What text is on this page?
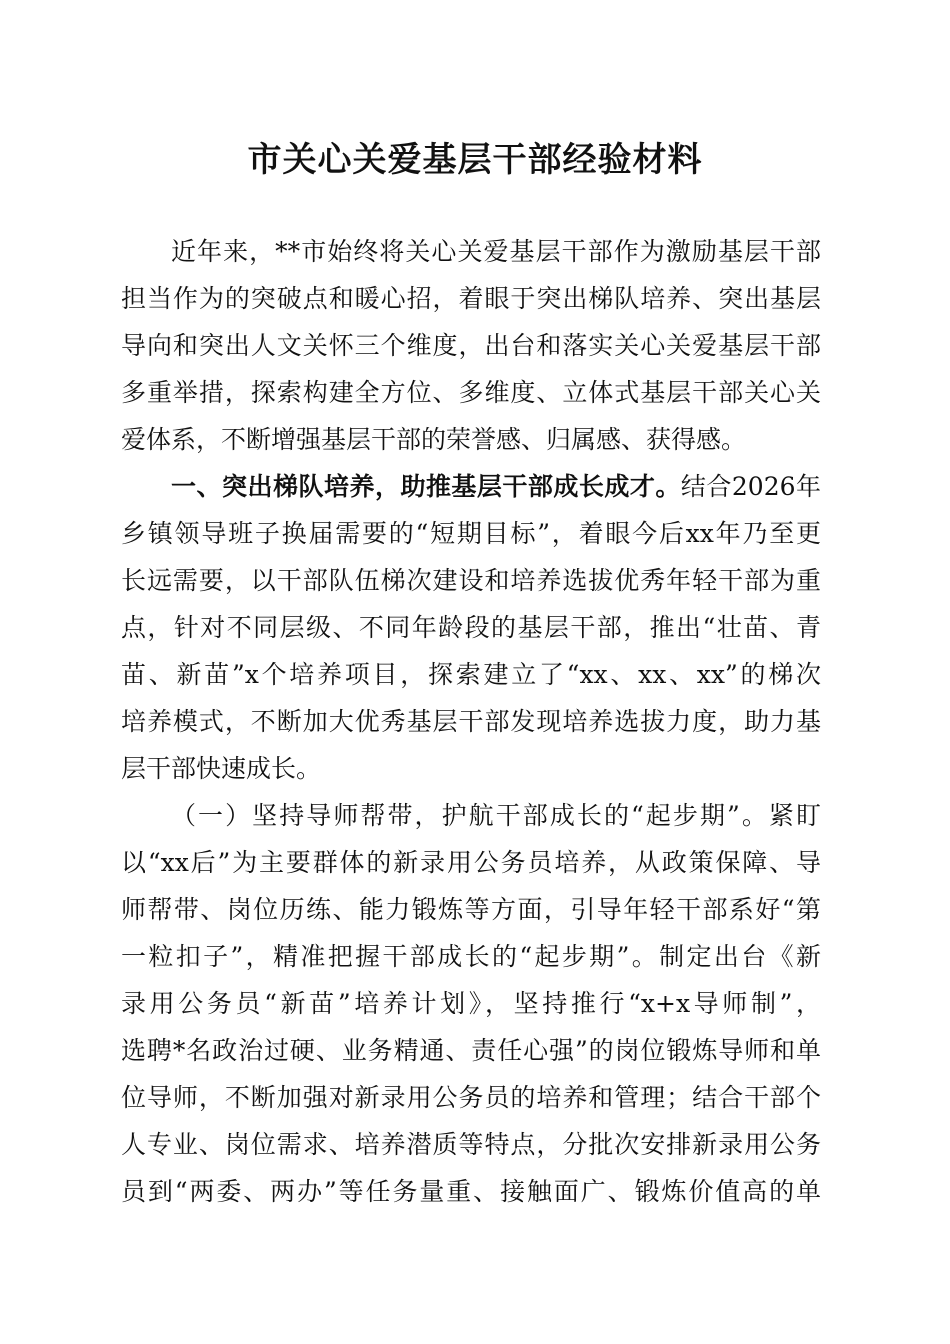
市关心关爱基层干部经验材料
近年来，**市始终将关心关爱基层干部作为激励基层干部
担当作为的突破点和暖心招，着眼于突出梯队培养、突出基层
导向和突出人文关怀三个维度，出台和落实关心关爱基层干部
多重举措，探索构建全方位、多维度、立体式基层干部关心关
爱体系，不断增强基层干部的荣誉感、归属感、获得感。
一、突出梯队培养，助推基层干部成长成才。结合2026年
乡镇领导班子换届需要的“短期目标”，着眼今后xx年乃至更
长远需要，以干部队伍梯次建设和培养选拔优秀年轻干部为重
点，针对不同层级、不同年龄段的基层干部，推出“壮苗、青
苗、新苗”x个培养项目，探索建立了“xx、xx、xx”的梯次
培养模式，不断加大优秀基层干部发现培养选拔力度，助力基
层干部快速成长。
（一）坚持导师帮带，护航干部成长的“起步期”。紧盯
以“xx后”为主要群体的新录用公务员培养，从政策保障、导
师帮带、岗位历练、能力锻炼等方面，引导年轻干部系好“第
一粒扣子”，精准把握干部成长的“起步期”。制定出台《新
录用公务员“新苗”培养计划》，坚持推行“x+x导师制”，
选聘*名政治过硬、业务精通、责任心强”的岗位锻炼导师和单
位导师，不断加强对新录用公务员的培养和管理；结合干部个
人专业、岗位需求、培养潜质等特点，分批次安排新录用公务
员到“两委、两办”等任务量重、接触面广、锻炼价值高的单
